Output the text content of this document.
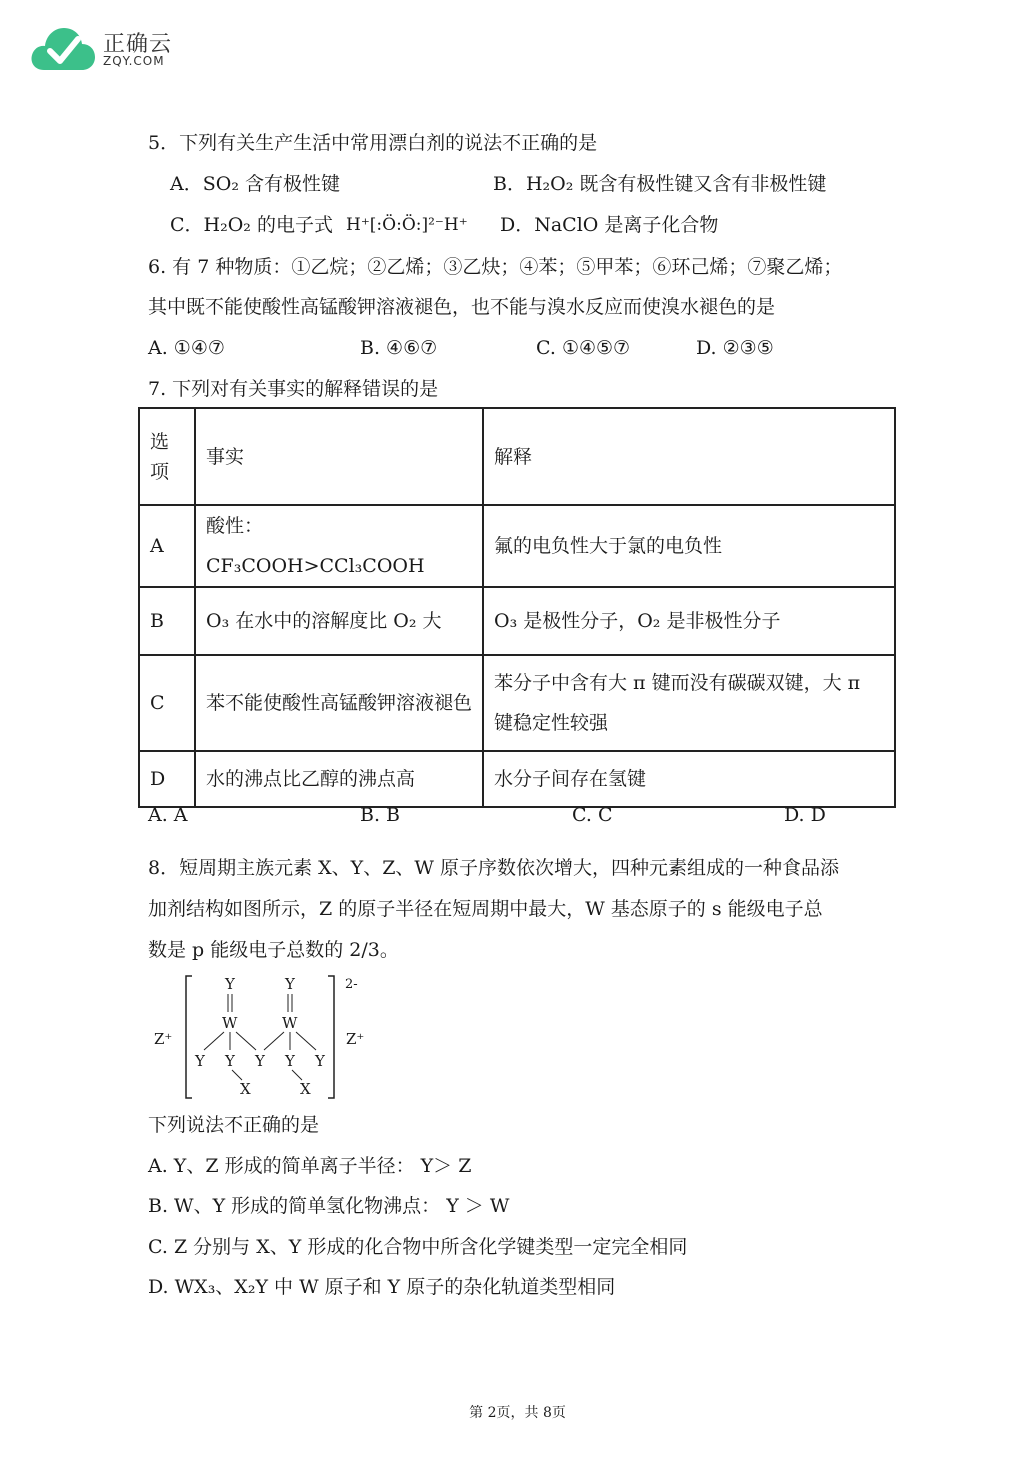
正确云
ZQY.COM
5．下列有关生产生活中常用漂白剂的说法不正确的是
A．SO₂ 含有极性键	B．H₂O₂ 既含有极性键又含有非极性键
C．H₂O₂ 的电子式 H⁺[:Ö:Ö:]²⁻H⁺ D．NaClO 是离子化合物
6. 有 7 种物质：①乙烷；②乙烯；③乙炔；④苯；⑤甲苯；⑥环己烯；⑦聚乙烯；
其中既不能使酸性高锰酸钾溶液褪色，也不能与溴水反应而使溴水褪色的是
A. ①④⑦	B. ④⑥⑦	C. ①④⑤⑦	D. ②③⑤
7. 下列对有关事实的解释错误的是
选项	事实	解释
A	酸性：CF₃COOH>CCl₃COOH	氟的电负性大于氯的电负性
B	O₃ 在水中的溶解度比 O₂ 大	O₃ 是极性分子，O₂ 是非极性分子
C	苯不能使酸性高锰酸钾溶液褪色	苯分子中含有大 π 键而没有碳碳双键，大 π 键稳定性较强
D	水的沸点比乙醇的沸点高	水分子间存在氢键
A. A	B. B	C. C	D. D
8．短周期主族元素 X、Y、Z、W 原子序数依次增大，四种元素组成的一种食品添
加剂结构如图所示，Z 的原子半径在短周期中最大，W 基态原子的 s 能级电子总
数是 p 能级电子总数的 2/3。
2-
Z⁺	Z⁺
Y	Y
W	W
Y Y Y Y Y
X	X
下列说法不正确的是
A. Y、Z 形成的简单离子半径： Y＞ Z
B. W、Y 形成的简单氢化物沸点： Y ＞ W
C. Z 分别与 X、Y 形成的化合物中所含化学键类型一定完全相同
D. WX₃、X₂Y 中 W 原子和 Y 原子的杂化轨道类型相同
第 2页，共 8页
